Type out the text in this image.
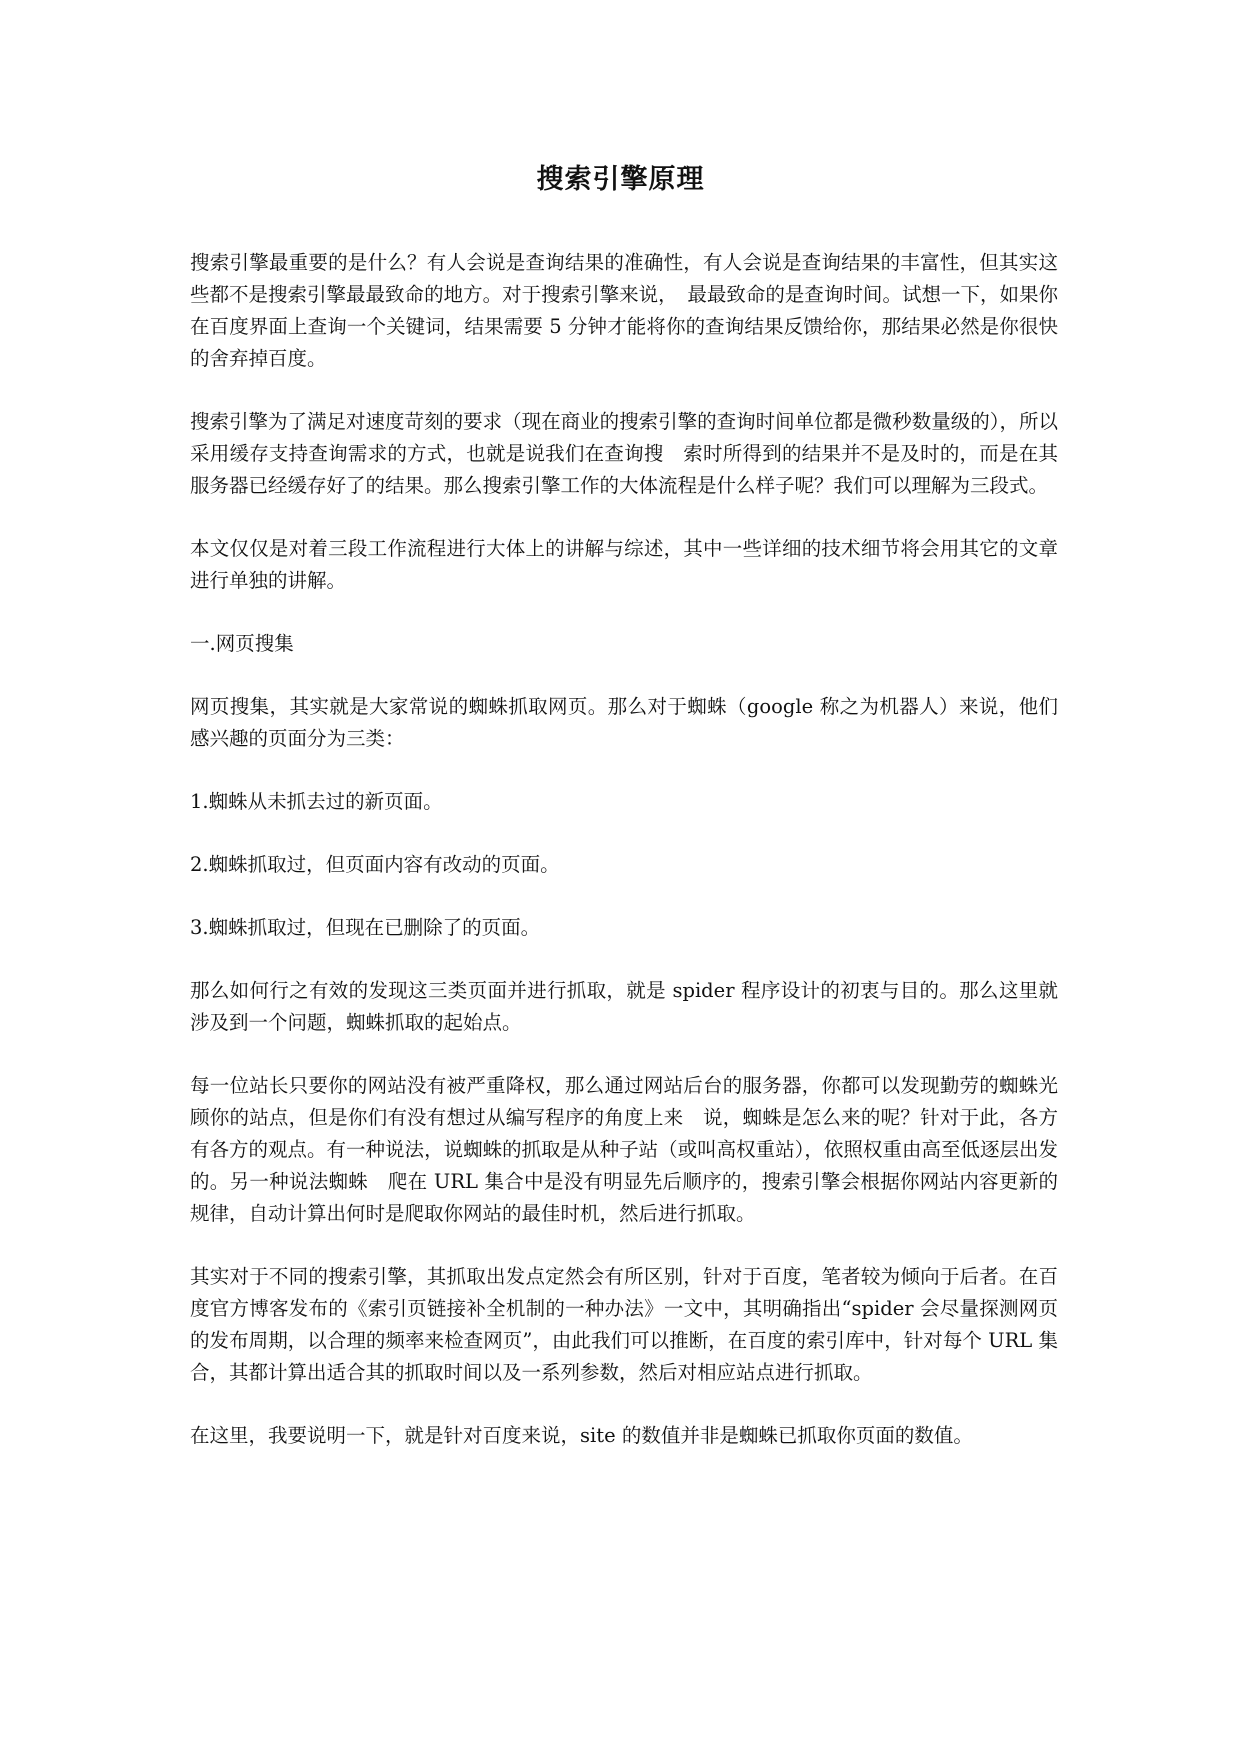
搜索引擎原理

搜索引擎最重要的是什么？有人会说是查询结果的准确性，有人会说是查询结果的丰富性，但其实这些都不是搜索引擎最最致命的地方。对于搜索引擎来说，　最最致命的是查询时间。试想一下，如果你在百度界面上查询一个关键词，结果需要 5 分钟才能将你的查询结果反馈给你，那结果必然是你很快的舍弃掉百度。

搜索引擎为了满足对速度苛刻的要求（现在商业的搜索引擎的查询时间单位都是微秒数量级的），所以采用缓存支持查询需求的方式，也就是说我们在查询搜　索时所得到的结果并不是及时的，而是在其服务器已经缓存好了的结果。那么搜索引擎工作的大体流程是什么样子呢？我们可以理解为三段式。

本文仅仅是对着三段工作流程进行大体上的讲解与综述，其中一些详细的技术细节将会用其它的文章进行单独的讲解。

一.网页搜集

网页搜集，其实就是大家常说的蜘蛛抓取网页。那么对于蜘蛛（google 称之为机器人）来说，他们感兴趣的页面分为三类：

1.蜘蛛从未抓去过的新页面。

2.蜘蛛抓取过，但页面内容有改动的页面。

3.蜘蛛抓取过，但现在已删除了的页面。

那么如何行之有效的发现这三类页面并进行抓取，就是 spider 程序设计的初衷与目的。那么这里就涉及到一个问题，蜘蛛抓取的起始点。

每一位站长只要你的网站没有被严重降权，那么通过网站后台的服务器，你都可以发现勤劳的蜘蛛光顾你的站点，但是你们有没有想过从编写程序的角度上来　说，蜘蛛是怎么来的呢？针对于此，各方有各方的观点。有一种说法，说蜘蛛的抓取是从种子站（或叫高权重站），依照权重由高至低逐层出发的。另一种说法蜘蛛　爬在 URL 集合中是没有明显先后顺序的，搜索引擎会根据你网站内容更新的规律，自动计算出何时是爬取你网站的最佳时机，然后进行抓取。

其实对于不同的搜索引擎，其抓取出发点定然会有所区别，针对于百度，笔者较为倾向于后者。在百度官方博客发布的《索引页链接补全机制的一种办法》一文中，其明确指出“spider 会尽量探测网页的发布周期，以合理的频率来检查网页”，由此我们可以推断，在百度的索引库中，针对每个 URL 集合，其都计算出适合其的抓取时间以及一系列参数，然后对相应站点进行抓取。

在这里，我要说明一下，就是针对百度来说，site 的数值并非是蜘蛛已抓取你页面的数值。
